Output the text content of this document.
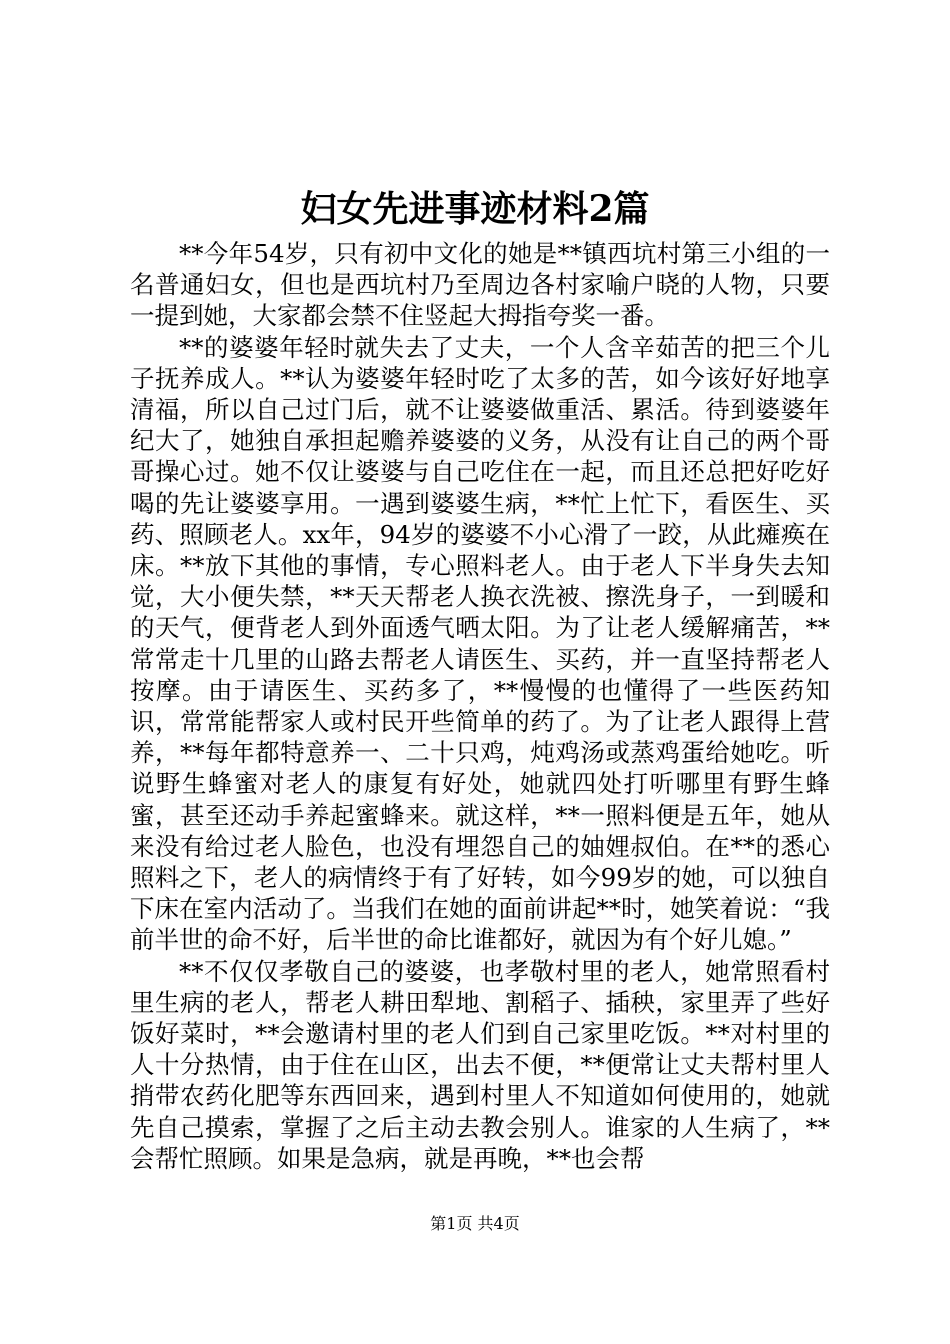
妇女先进事迹材料2篇

**今年54岁，只有初中文化的她是**镇西坑村第三小组的一名普通妇女，但也是西坑村乃至周边各村家喻户晓的人物，只要一提到她，大家都会禁不住竖起大拇指夸奖一番。

**的婆婆年轻时就失去了丈夫，一个人含辛茹苦的把三个儿子抚养成人。**认为婆婆年轻时吃了太多的苦，如今该好好地享清福，所以自己过门后，就不让婆婆做重活、累活。待到婆婆年纪大了，她独自承担起赡养婆婆的义务，从没有让自己的两个哥哥操心过。她不仅让婆婆与自己吃住在一起，而且还总把好吃好喝的先让婆婆享用。一遇到婆婆生病，**忙上忙下，看医生、买药、照顾老人。xx年，94岁的婆婆不小心滑了一跤，从此瘫痪在床。**放下其他的事情，专心照料老人。由于老人下半身失去知觉，大小便失禁，**天天帮老人换衣洗被、擦洗身子，一到暖和的天气，便背老人到外面透气晒太阳。为了让老人缓解痛苦，**常常走十几里的山路去帮老人请医生、买药，并一直坚持帮老人按摩。由于请医生、买药多了，**慢慢的也懂得了一些医药知识，常常能帮家人或村民开些简单的药了。为了让老人跟得上营养，**每年都特意养一、二十只鸡，炖鸡汤或蒸鸡蛋给她吃。听说野生蜂蜜对老人的康复有好处，她就四处打听哪里有野生蜂蜜，甚至还动手养起蜜蜂来。就这样，**一照料便是五年，她从来没有给过老人脸色，也没有埋怨自己的妯娌叔伯。在**的悉心照料之下，老人的病情终于有了好转，如今99岁的她，可以独自下床在室内活动了。当我们在她的面前讲起**时，她笑着说：“我前半世的命不好，后半世的命比谁都好，就因为有个好儿媳。”

**不仅仅孝敬自己的婆婆，也孝敬村里的老人，她常照看村里生病的老人，帮老人耕田犁地、割稻子、插秧，家里弄了些好饭好菜时，**会邀请村里的老人们到自己家里吃饭。**对村里的人十分热情，由于住在山区，出去不便，**便常让丈夫帮村里人捎带农药化肥等东西回来，遇到村里人不知道如何使用的，她就先自己摸索，掌握了之后主动去教会别人。谁家的人生病了，**会帮忙照顾。如果是急病，就是再晚，**也会帮

第1页 共4页
